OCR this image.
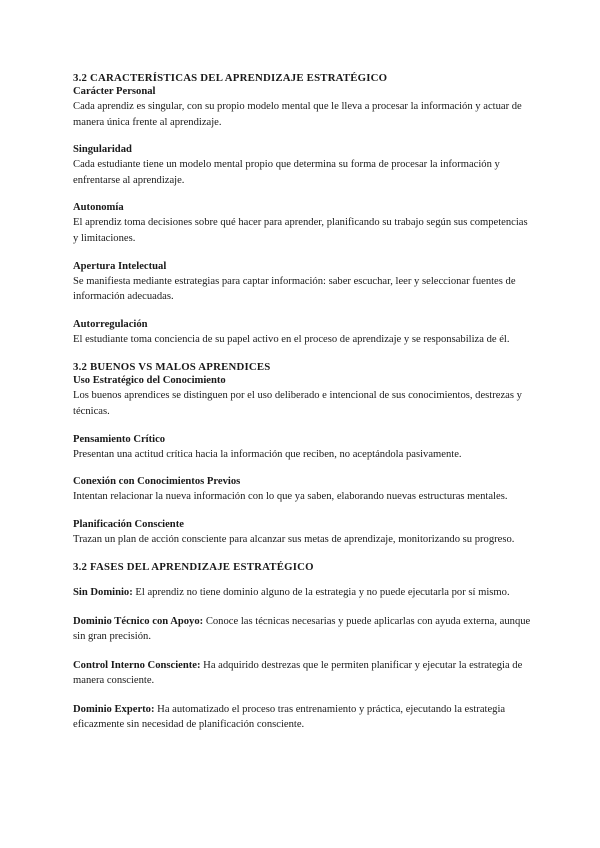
3.2 CARACTERÍSTICAS DEL APRENDIZAJE ESTRATÉGICO
Carácter Personal

Cada aprendiz es singular, con su propio modelo mental que le lleva a procesar la información y actuar de manera única frente al aprendizaje.

Singularidad

Cada estudiante tiene un modelo mental propio que determina su forma de procesar la información y enfrentarse al aprendizaje.

Autonomía

El aprendiz toma decisiones sobre qué hacer para aprender, planificando su trabajo según sus competencias y limitaciones.

Apertura Intelectual

Se manifiesta mediante estrategias para captar información: saber escuchar, leer y seleccionar fuentes de información adecuadas.

Autorregulación

El estudiante toma conciencia de su papel activo en el proceso de aprendizaje y se responsabiliza de él.

3.2 BUENOS VS MALOS APRENDICES
Uso Estratégico del Conocimiento

Los buenos aprendices se distinguen por el uso deliberado e intencional de sus conocimientos, destrezas y técnicas.

Pensamiento Crítico

Presentan una actitud crítica hacia la información que reciben, no aceptándola pasivamente.

Conexión con Conocimientos Previos

Intentan relacionar la nueva información con lo que ya saben, elaborando nuevas estructuras mentales.

Planificación Consciente

Trazan un plan de acción consciente para alcanzar sus metas de aprendizaje, monitorizando su progreso.

3.2 FASES DEL APRENDIZAJE ESTRATÉGICO

Sin Dominio: El aprendiz no tiene dominio alguno de la estrategia y no puede ejecutarla por sí mismo.

Dominio Técnico con Apoyo: Conoce las técnicas necesarias y puede aplicarlas con ayuda externa, aunque sin gran precisión.

Control Interno Consciente: Ha adquirido destrezas que le permiten planificar y ejecutar la estrategia de manera consciente.

Dominio Experto: Ha automatizado el proceso tras entrenamiento y práctica, ejecutando la estrategia eficazmente sin necesidad de planificación consciente.
